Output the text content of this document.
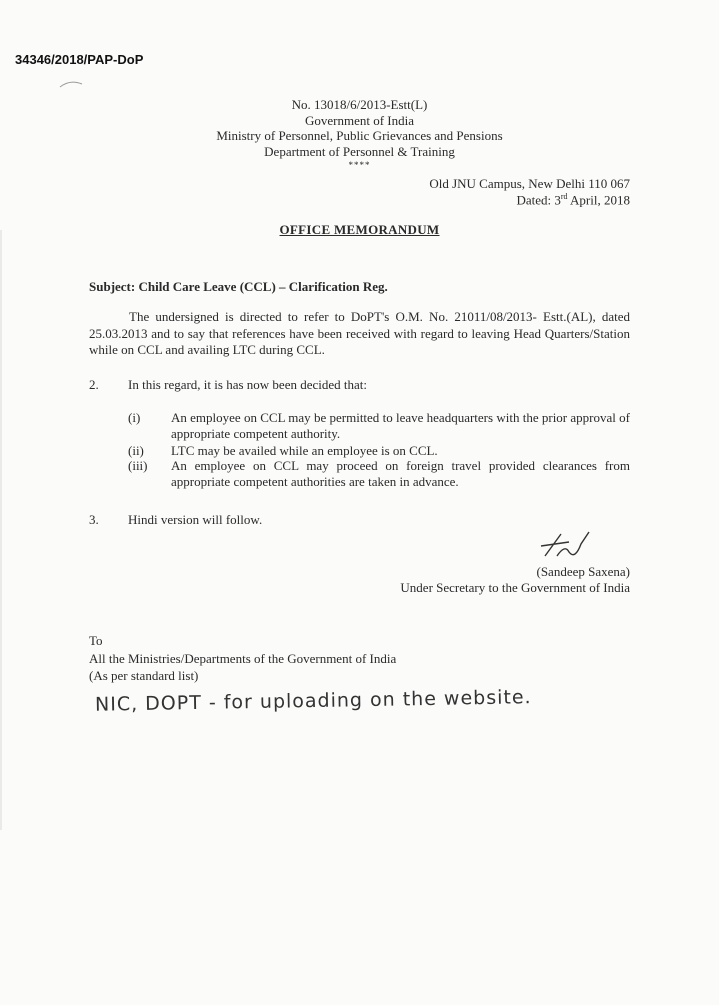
34346/2018/PAP-DoP
No. 13018/6/2013-Estt(L)
Government of India
Ministry of Personnel, Public Grievances and Pensions
Department of Personnel & Training
****
Old JNU Campus, New Delhi 110 067
Dated: 3rd April, 2018
OFFICE MEMORANDUM
Subject: Child Care Leave (CCL) – Clarification Reg.
The undersigned is directed to refer to DoPT's O.M. No. 21011/08/2013- Estt.(AL), dated 25.03.2013 and to say that references have been received with regard to leaving Head Quarters/Station while on CCL and availing LTC during CCL.
2. In this regard, it is has now been decided that:
(i) An employee on CCL may be permitted to leave headquarters with the prior approval of appropriate competent authority.
(ii) LTC may be availed while an employee is on CCL.
(iii) An employee on CCL may proceed on foreign travel provided clearances from appropriate competent authorities are taken in advance.
3. Hindi version will follow.
(Sandeep Saxena)
Under Secretary to the Government of India
To
All the Ministries/Departments of the Government of India
(As per standard list)
NIC, DOPT - for uploading on the website.
